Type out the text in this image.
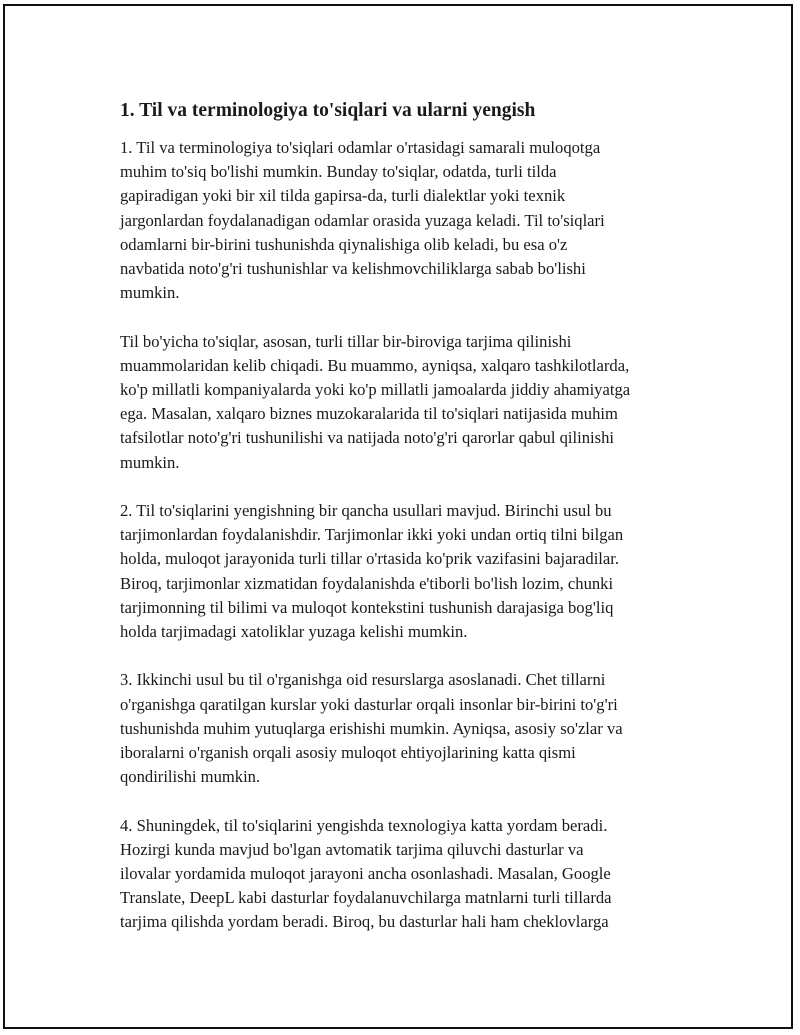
1. Til va terminologiya to'siqlari va ularni yengish

1. Til va terminologiya to'siqlari odamlar o'rtasidagi samarali muloqotga
muhim to'siq bo'lishi mumkin. Bunday to'siqlar, odatda, turli tilda
gapiradigan yoki bir xil tilda gapirsa-da, turli dialektlar yoki texnik
jargonlardan foydalanadigan odamlar orasida yuzaga keladi. Til to'siqlari
odamlarni bir-birini tushunishda qiynalishiga olib keladi, bu esa o'z
navbatida noto'g'ri tushunishlar va kelishmovchiliklarga sabab bo'lishi
mumkin.

Til bo'yicha to'siqlar, asosan, turli tillar bir-biroviga tarjima qilinishi
muammolaridan kelib chiqadi. Bu muammo, ayniqsa, xalqaro tashkilotlarda,
ko'p millatli kompaniyalarda yoki ko'p millatli jamoalarda jiddiy ahamiyatga
ega. Masalan, xalqaro biznes muzokaralarida til to'siqlari natijasida muhim
tafsilotlar noto'g'ri tushunilishi va natijada noto'g'ri qarorlar qabul qilinishi
mumkin.

2. Til to'siqlarini yengishning bir qancha usullari mavjud. Birinchi usul bu
tarjimonlardan foydalanishdir. Tarjimonlar ikki yoki undan ortiq tilni bilgan
holda, muloqot jarayonida turli tillar o'rtasida ko'prik vazifasini bajaradilar.
Biroq, tarjimonlar xizmatidan foydalanishda e'tiborli bo'lish lozim, chunki
tarjimonning til bilimi va muloqot kontekstini tushunish darajasiga bog'liq
holda tarjimadagi xatoliklar yuzaga kelishi mumkin.

3. Ikkinchi usul bu til o'rganishga oid resurslarga asoslanadi. Chet tillarni
o'rganishga qaratilgan kurslar yoki dasturlar orqali insonlar bir-birini to'g'ri
tushunishda muhim yutuqlarga erishishi mumkin. Ayniqsa, asosiy so'zlar va
iboralarni o'rganish orqali asosiy muloqot ehtiyojlarining katta qismi
qondirilishi mumkin.

4. Shuningdek, til to'siqlarini yengishda texnologiya katta yordam beradi.
Hozirgi kunda mavjud bo'lgan avtomatik tarjima qiluvchi dasturlar va
ilovalar yordamida muloqot jarayoni ancha osonlashadi. Masalan, Google
Translate, DeepL kabi dasturlar foydalanuvchilarga matnlarni turli tillarda
tarjima qilishda yordam beradi. Biroq, bu dasturlar hali ham cheklovlarga
